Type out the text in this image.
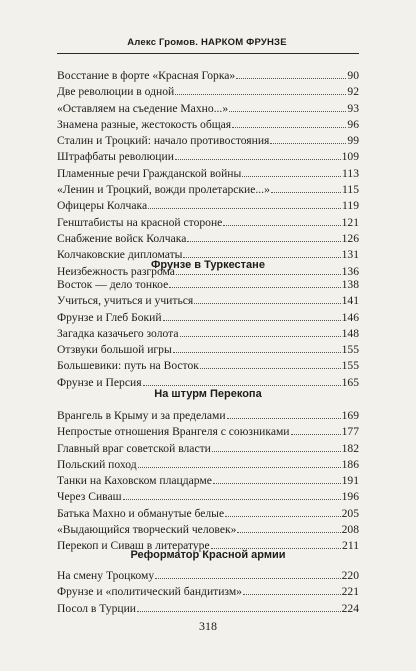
Алекс Громов. НАРКОМ ФРУНЗЕ
Восстание в форте «Красная Горка»	90
Две революции в одной	92
«Оставляем на съедение Махно...»	93
Знамена разные, жестокость общая	96
Сталин и Троцкий: начало противостояния	99
Штрафбаты революции	109
Пламенные речи Гражданской войны	113
«Ленин и Троцкий, вожди пролетарские...»	115
Офицеры Колчака	119
Генштабисты на красной стороне	121
Снабжение войск Колчака	126
Колчаковские дипломаты	131
Неизбежность разгрома	136
Фрунзе в Туркестане
Восток — дело тонкое	138
Учиться, учиться и учиться	141
Фрунзе и Глеб Бокий	146
Загадка казачьего золота	148
Отзвуки большой игры	155
Большевики: путь на Восток	155
Фрунзе и Персия	165
На штурм Перекопа
Врангель в Крыму и за пределами	169
Непростые отношения Врангеля с союзниками	177
Главный враг советской власти	182
Польский поход	186
Танки на Каховском плацдарме	191
Через Сиваш	196
Батька Махно и обманутые белые	205
«Выдающийся творческий человек»	208
Перекоп и Сиваш в литературе	211
Реформатор Красной армии
На смену Троцкому	220
Фрунзе и «политический бандитизм»	221
Посол в Турции	224
318
